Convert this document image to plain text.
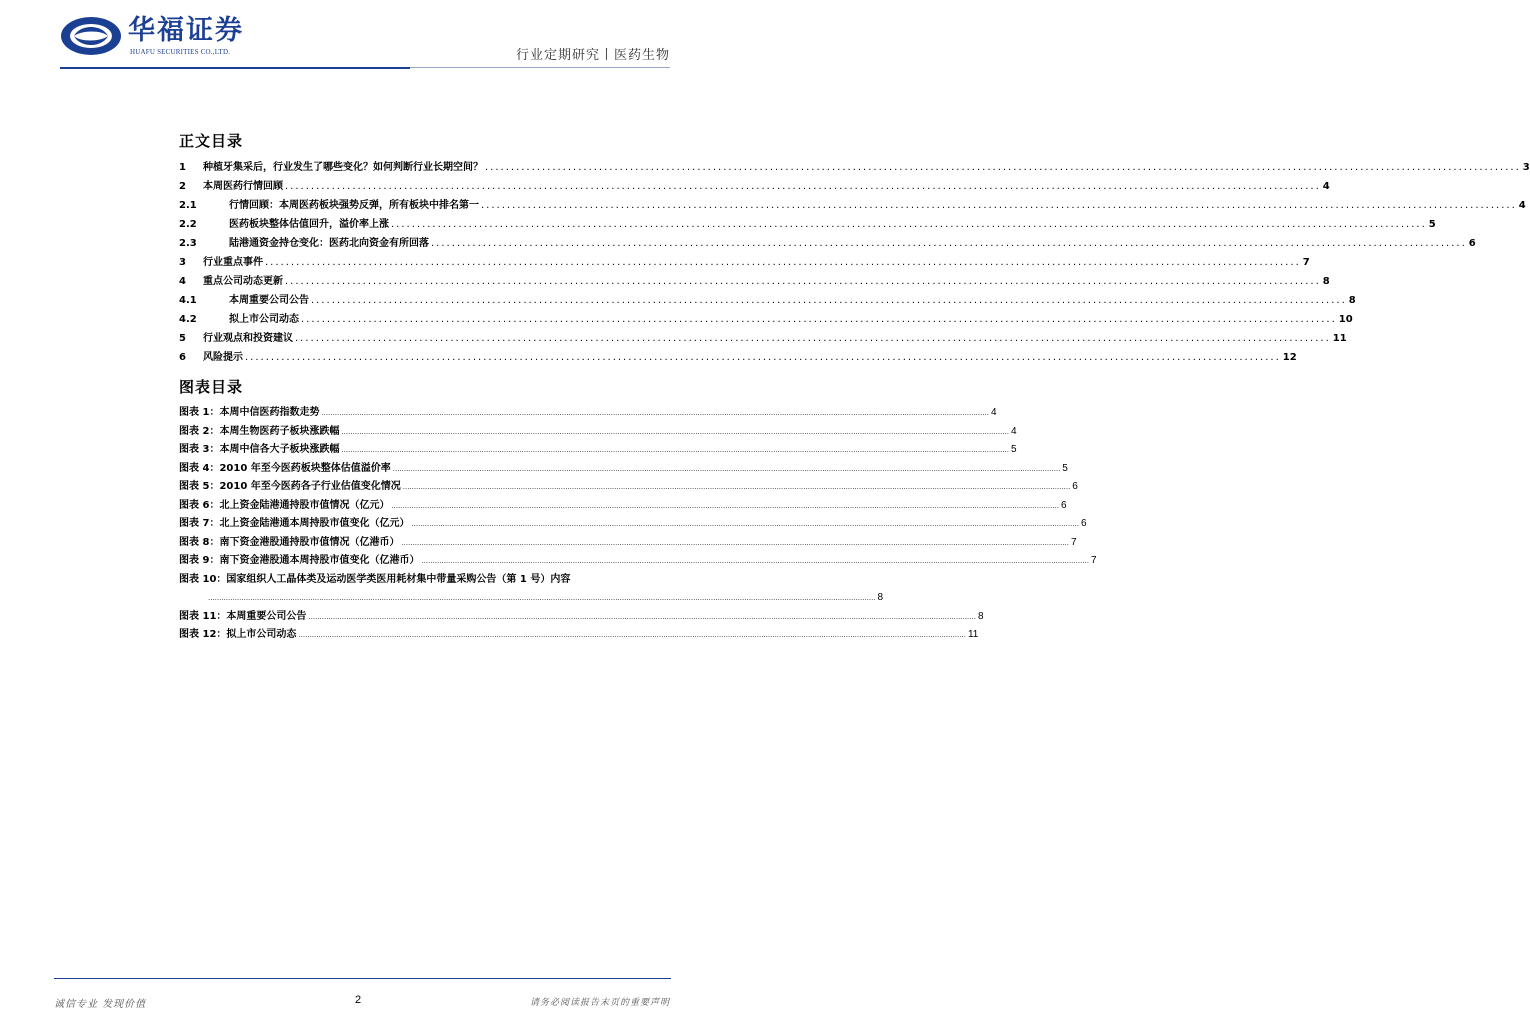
华福证券
HUAFU SECURITIES CO.,LTD.	行业定期研究丨医药生物
正文目录
1	种植牙集采后，行业发生了哪些变化？如何判断行业长期空间？ ........................................................................................................................................................................................................ 3
2	本周医药行情回顾 ........................................................................................................................................................................................................ 4
2.1	行情回顾：本周医药板块强势反弹，所有板块中排名第一 ........................................................................................................................................................................................................ 4
2.2	医药板块整体估值回升，溢价率上涨 ........................................................................................................................................................................................................ 5
2.3	陆港通资金持仓变化：医药北向资金有所回落 ........................................................................................................................................................................................................ 6
3	行业重点事件 ........................................................................................................................................................................................................ 7
4	重点公司动态更新 ........................................................................................................................................................................................................ 8
4.1	本周重要公司公告 ........................................................................................................................................................................................................ 8
4.2	拟上市公司动态 ........................................................................................................................................................................................................ 10
5	行业观点和投资建议 ........................................................................................................................................................................................................ 11
6	风险提示 ........................................................................................................................................................................................................ 12
图表目录
图表 1：本周中信医药指数走势 ............................................................................................................................................................................................................................................................................................................ 4
图表 2：本周生物医药子板块涨跌幅 ............................................................................................................................................................................................................................................................................................................ 4
图表 3：本周中信各大子板块涨跌幅 ............................................................................................................................................................................................................................................................................................................ 5
图表 4：2010 年至今医药板块整体估值溢价率 ............................................................................................................................................................................................................................................................................................................ 5
图表 5：2010 年至今医药各子行业估值变化情况 ............................................................................................................................................................................................................................................................................................................ 6
图表 6：北上资金陆港通持股市值情况（亿元） ............................................................................................................................................................................................................................................................................................................ 6
图表 7：北上资金陆港通本周持股市值变化（亿元） ............................................................................................................................................................................................................................................................................................................ 6
图表 8：南下资金港股通持股市值情况（亿港币） ............................................................................................................................................................................................................................................................................................................ 7
图表 9：南下资金港股通本周持股市值变化（亿港币） ............................................................................................................................................................................................................................................................................................................ 7
图表 10：国家组织人工晶体类及运动医学类医用耗材集中带量采购公告（第 1 号）内容
............................................................................................................................................................................................................................................................................................................ 8
图表 11：本周重要公司公告 ............................................................................................................................................................................................................................................................................................................ 8
图表 12：拟上市公司动态 ............................................................................................................................................................................................................................................................................................................ 11
诚信专业 发现价值	2	请务必阅读报告末页的重要声明
